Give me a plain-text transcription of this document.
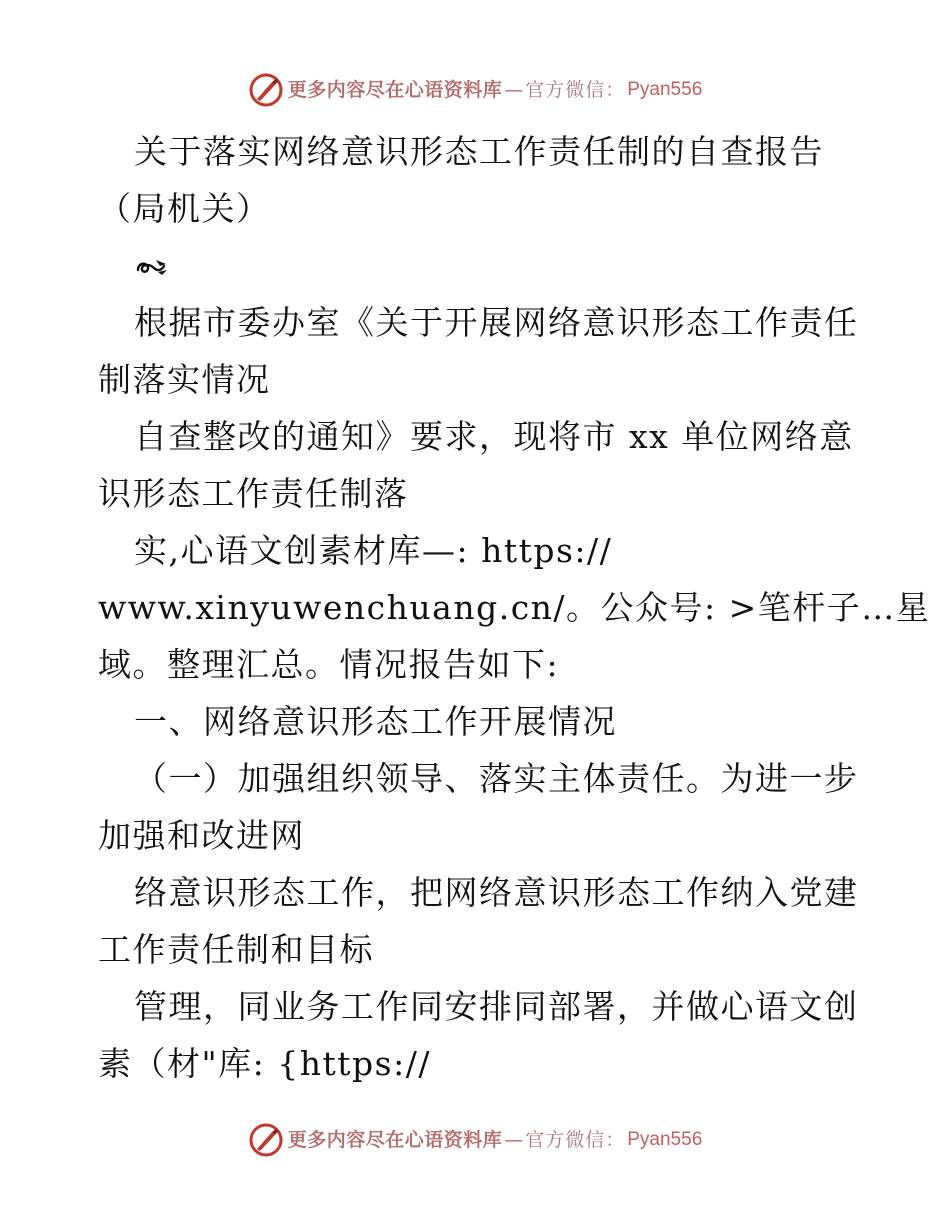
更多内容尽在心语资料库 — 官方微信： Pyan556
关于落实网络意识形态工作责任制的自查报告
（局机关）
根据市委办室《关于开展网络意识形态工作责任
制落实情况
自查整改的通知》要求，现将市 xx 单位网络意
识形态工作责任制落
实,心语文创素材库—: https://
www.xinyuwenchuang.cn/。公众号: >笔杆子…星
域。整理汇总。情况报告如下:
一、网络意识形态工作开展情况
（一）加强组织领导、落实主体责任。为进一步
加强和改进网
络意识形态工作，把网络意识形态工作纳入党建
工作责任制和目标
管理，同业务工作同安排同部署，并做心语文创
素（材"库: {https://
更多内容尽在心语资料库 — 官方微信： Pyan556
